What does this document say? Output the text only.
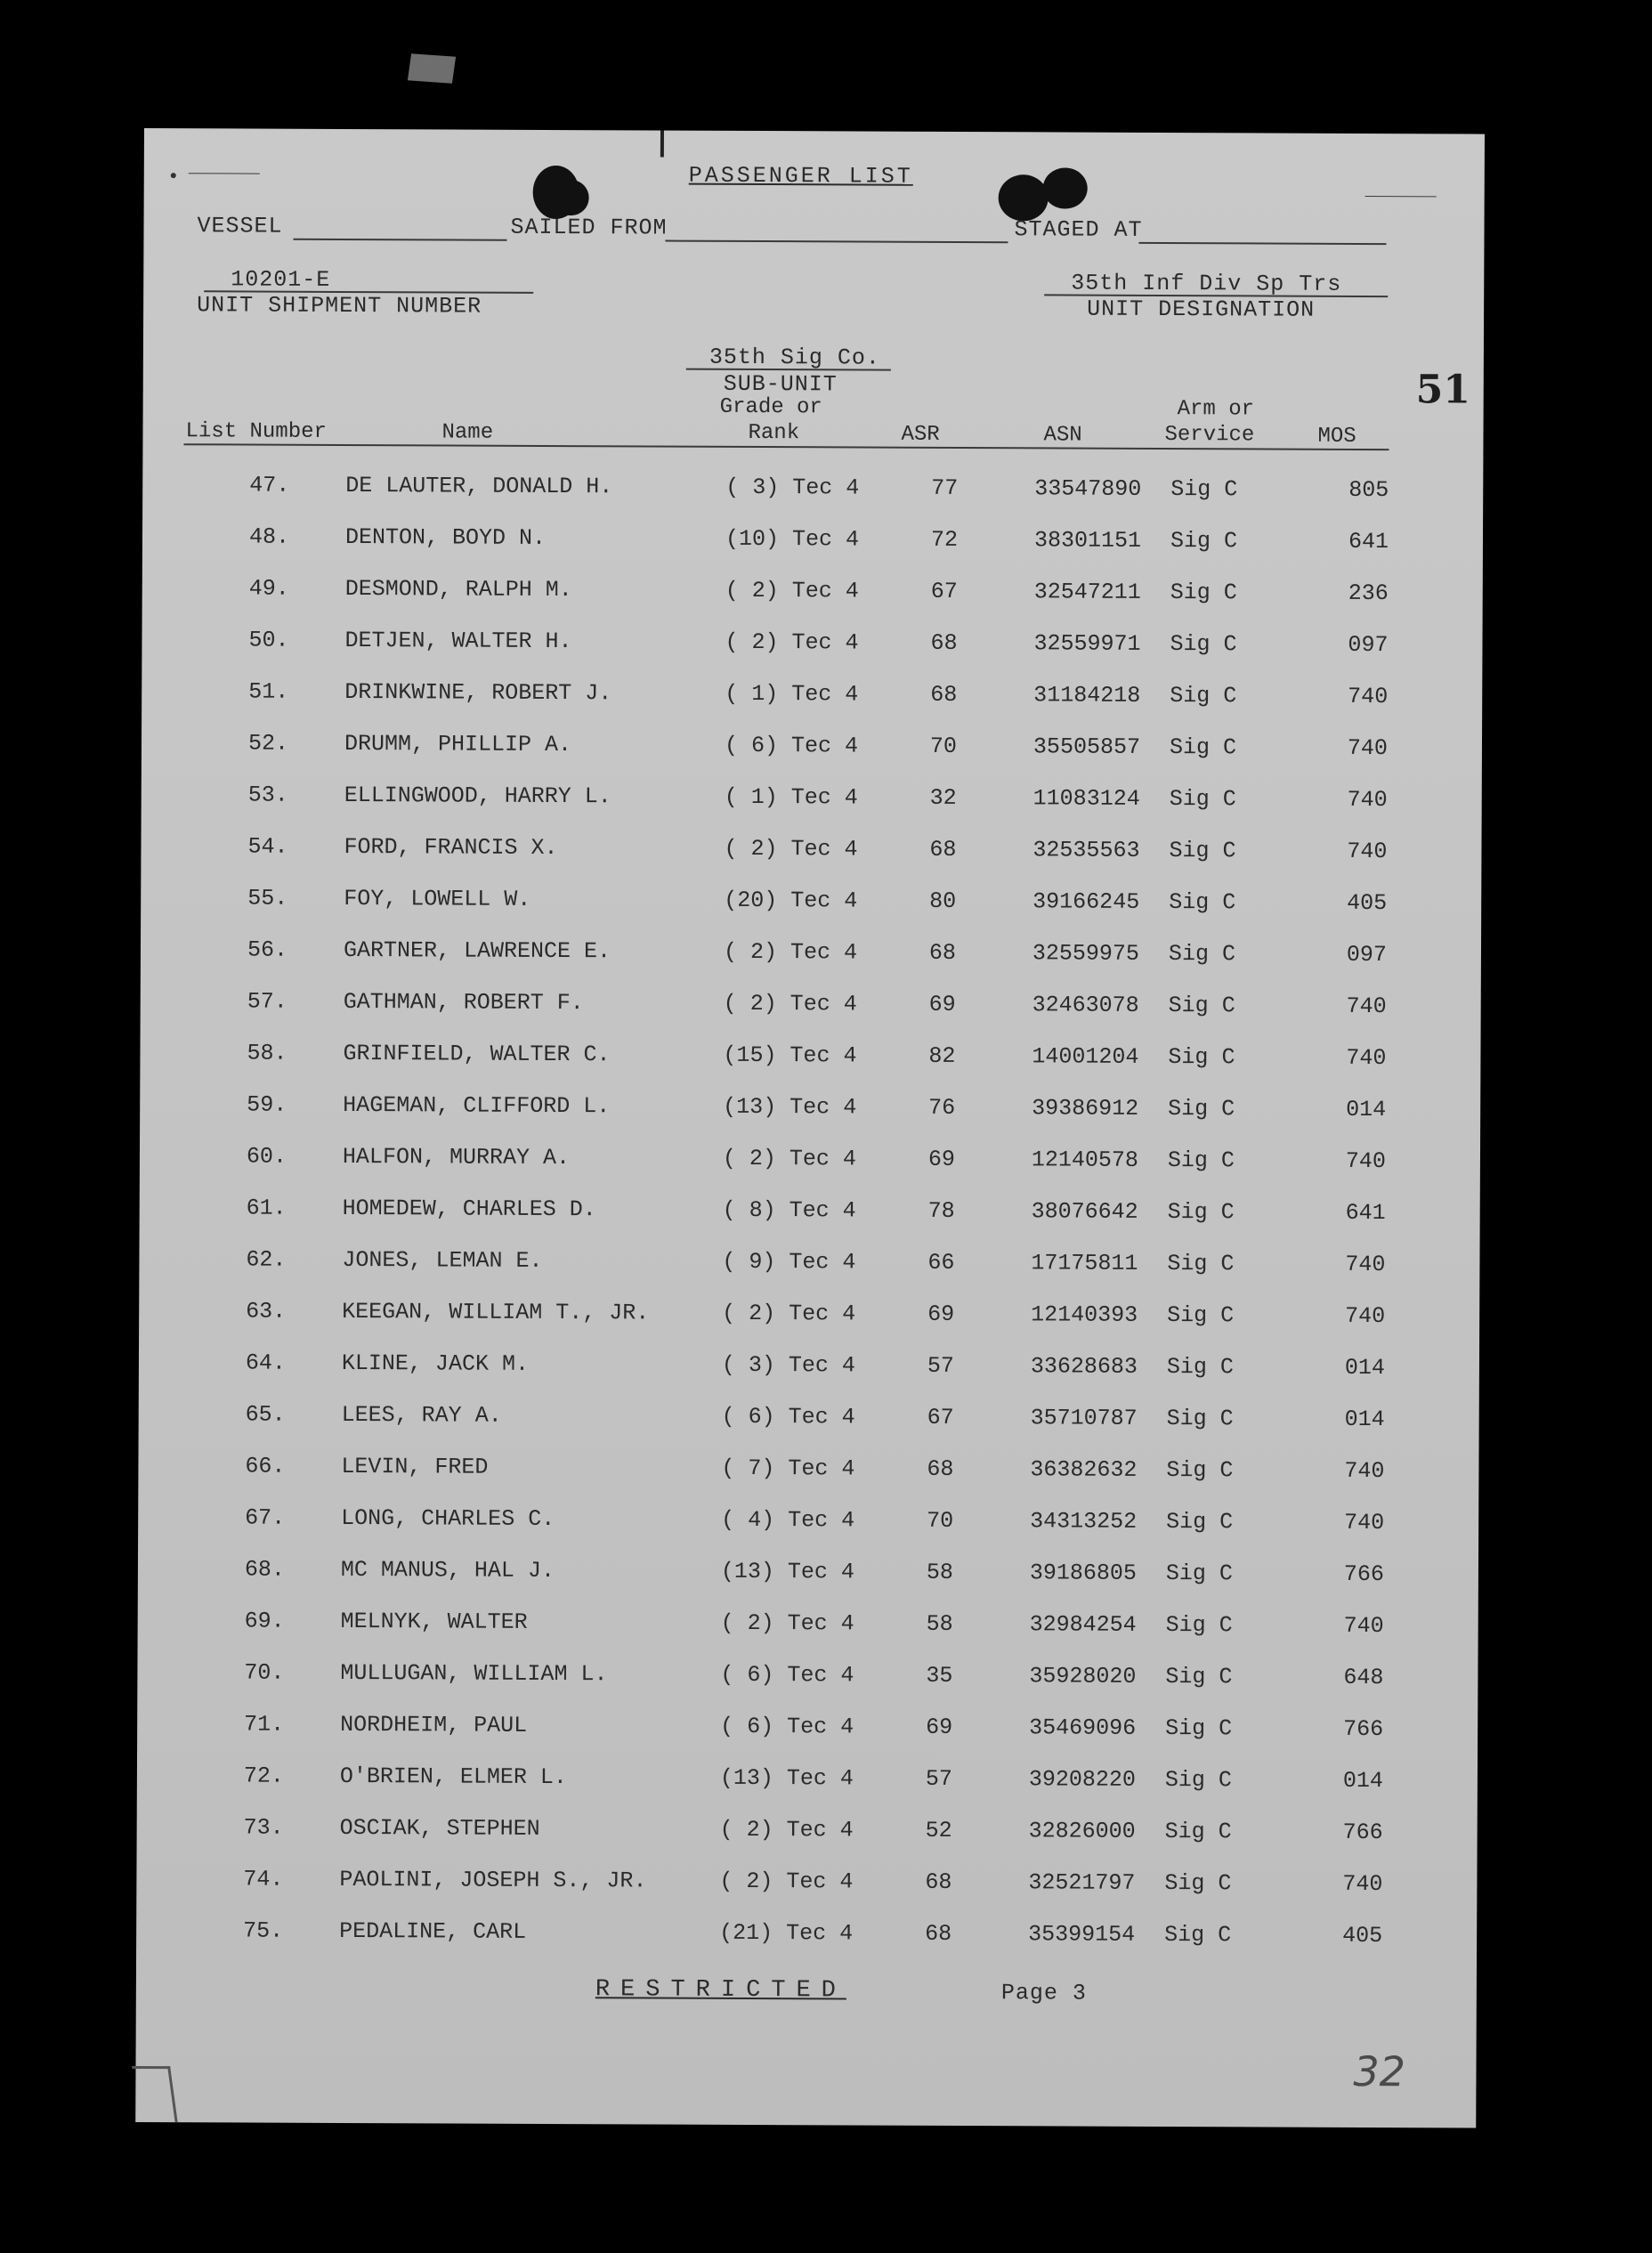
PASSENGER LIST
VESSEL	SAILED FROM	STAGED AT
10201-E
UNIT SHIPMENT NUMBER
35th Inf Div Sp Trs
UNIT DESIGNATION
35th Sig Co.
SUB-UNIT	51
List Number	Name
Grade or
Rank	ASR	ASN
Arm or
Service	MOS
47.	DE LAUTER, DONALD H.	( 3) Tec 4	77	33547890	Sig C	805
48.	DENTON, BOYD N.	(10) Tec 4	72	38301151	Sig C	641
49.	DESMOND, RALPH M.	( 2) Tec 4	67	32547211	Sig C	236
50.	DETJEN, WALTER H.	( 2) Tec 4	68	32559971	Sig C	097
51.	DRINKWINE, ROBERT J.	( 1) Tec 4	68	31184218	Sig C	740
52.	DRUMM, PHILLIP A.	( 6) Tec 4	70	35505857	Sig C	740
53.	ELLINGWOOD, HARRY L.	( 1) Tec 4	32	11083124	Sig C	740
54.	FORD, FRANCIS X.	( 2) Tec 4	68	32535563	Sig C	740
55.	FOY, LOWELL W.	(20) Tec 4	80	39166245	Sig C	405
56.	GARTNER, LAWRENCE E.	( 2) Tec 4	68	32559975	Sig C	097
57.	GATHMAN, ROBERT F.	( 2) Tec 4	69	32463078	Sig C	740
58.	GRINFIELD, WALTER C.	(15) Tec 4	82	14001204	Sig C	740
59.	HAGEMAN, CLIFFORD L.	(13) Tec 4	76	39386912	Sig C	014
60.	HALFON, MURRAY A.	( 2) Tec 4	69	12140578	Sig C	740
61.	HOMEDEW, CHARLES D.	( 8) Tec 4	78	38076642	Sig C	641
62.	JONES, LEMAN E.	( 9) Tec 4	66	17175811	Sig C	740
63.	KEEGAN, WILLIAM T., JR.	( 2) Tec 4	69	12140393	Sig C	740
64.	KLINE, JACK M.	( 3) Tec 4	57	33628683	Sig C	014
65.	LEES, RAY A.	( 6) Tec 4	67	35710787	Sig C	014
66.	LEVIN, FRED	( 7) Tec 4	68	36382632	Sig C	740
67.	LONG, CHARLES C.	( 4) Tec 4	70	34313252	Sig C	740
68.	MC MANUS, HAL J.	(13) Tec 4	58	39186805	Sig C	766
69.	MELNYK, WALTER	( 2) Tec 4	58	32984254	Sig C	740
70.	MULLUGAN, WILLIAM L.	( 6) Tec 4	35	35928020	Sig C	648
71.	NORDHEIM, PAUL	( 6) Tec 4	69	35469096	Sig C	766
72.	O'BRIEN, ELMER L.	(13) Tec 4	57	39208220	Sig C	014
73.	OSCIAK, STEPHEN	( 2) Tec 4	52	32826000	Sig C	766
74.	PAOLINI, JOSEPH S., JR.	( 2) Tec 4	68	32521797	Sig C	740
75.	PEDALINE, CARL	(21) Tec 4	68	35399154	Sig C	405
RESTRICTED	Page 3
32
